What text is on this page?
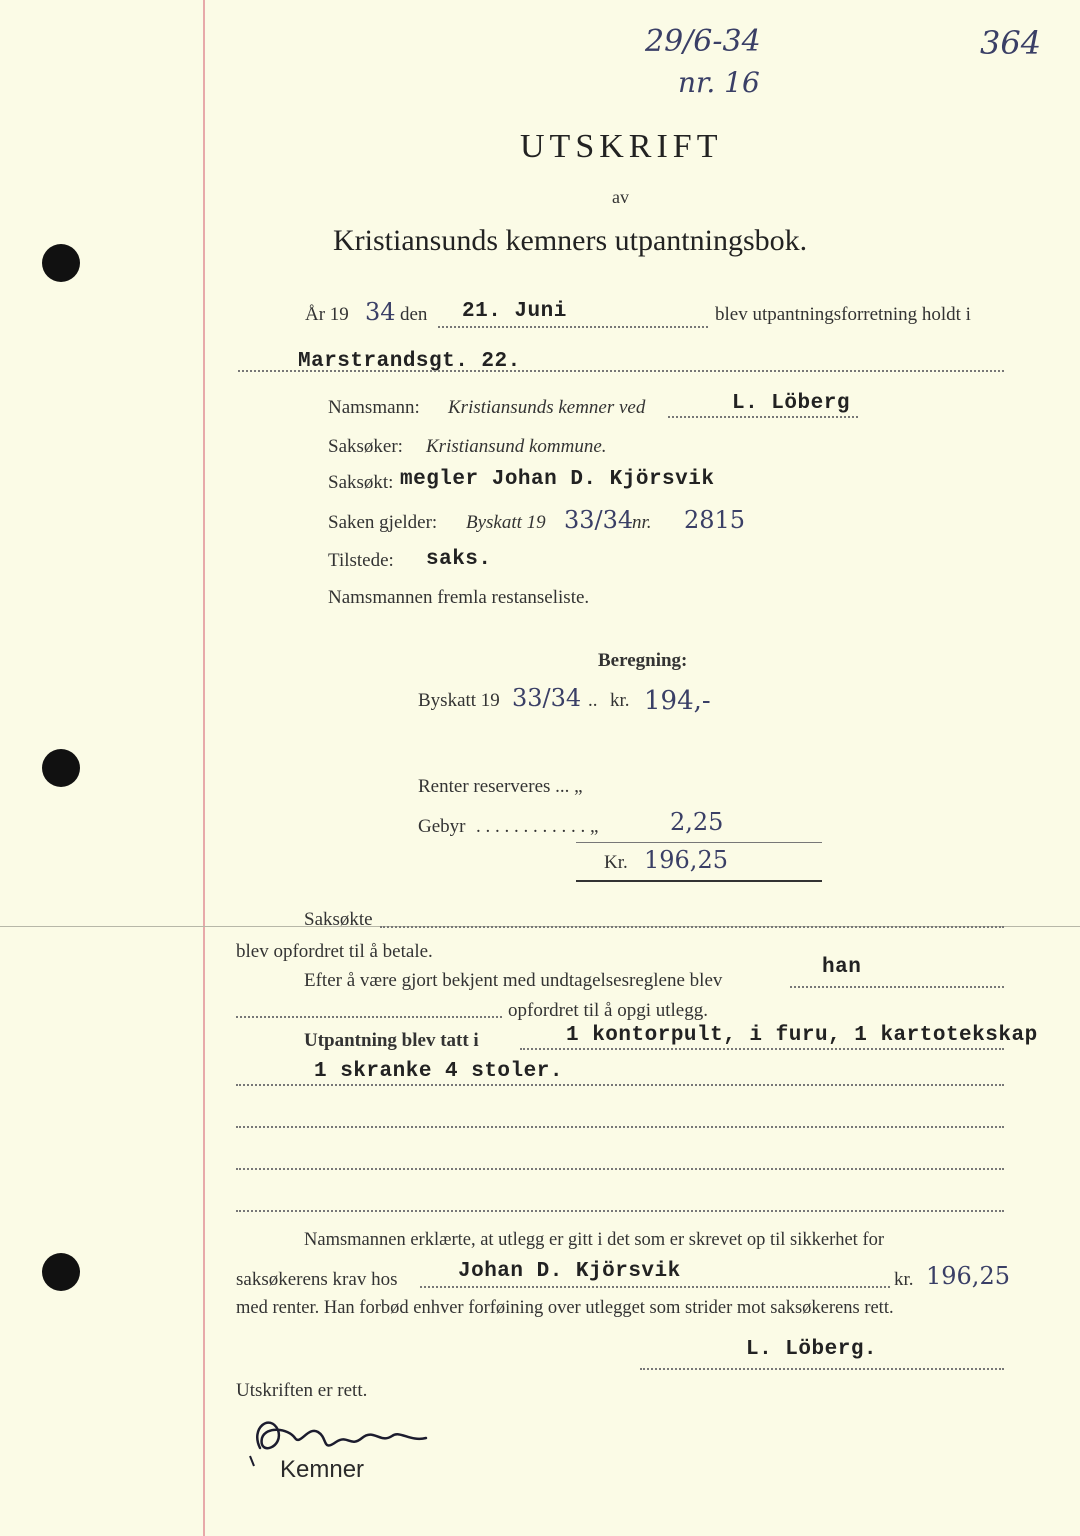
29/6-34
nr. 16
364
UTSKRIFT
av
Kristiansunds kemners utpantningsbok.
År 19 34 den 21. Juni	blev utpantningsforretning holdt i
Marstrandsgt. 22.
Namsmann: Kristiansunds kemner ved	L. Löberg
Saksøker: Kristiansund kommune.
Saksøkt: megler Johan D. Kjörsvik
Saken gjelder: Byskatt 19 33/34
nr. 2815
Tilstede: saks.
Namsmannen fremla restanseliste.
Beregning:
Byskatt 19 33/34 .. kr. 194,-
Renter reserveres ... „
Gebyr . . . . . . . . . . . . „	2,25
Kr. 196,25
Saksøkte
blev opfordret til å betale.
Efter å være gjort bekjent med undtagelsesreglene blev
han
opfordret til å opgi utlegg.
Utpantning blev tatt i	1 kontorpult, i furu, 1 kartotekskap
1 skranke 4 stoler.
Namsmannen erklærte, at utlegg er gitt i det som er skrevet op til sikkerhet for
saksøkerens krav hos	Johan D. Kjörsvik	kr. 196,25
med renter. Han forbød enhver forføining over utlegget som strider mot saksøkerens rett.
L. Löberg.
Utskriften er rett.
Kemner
